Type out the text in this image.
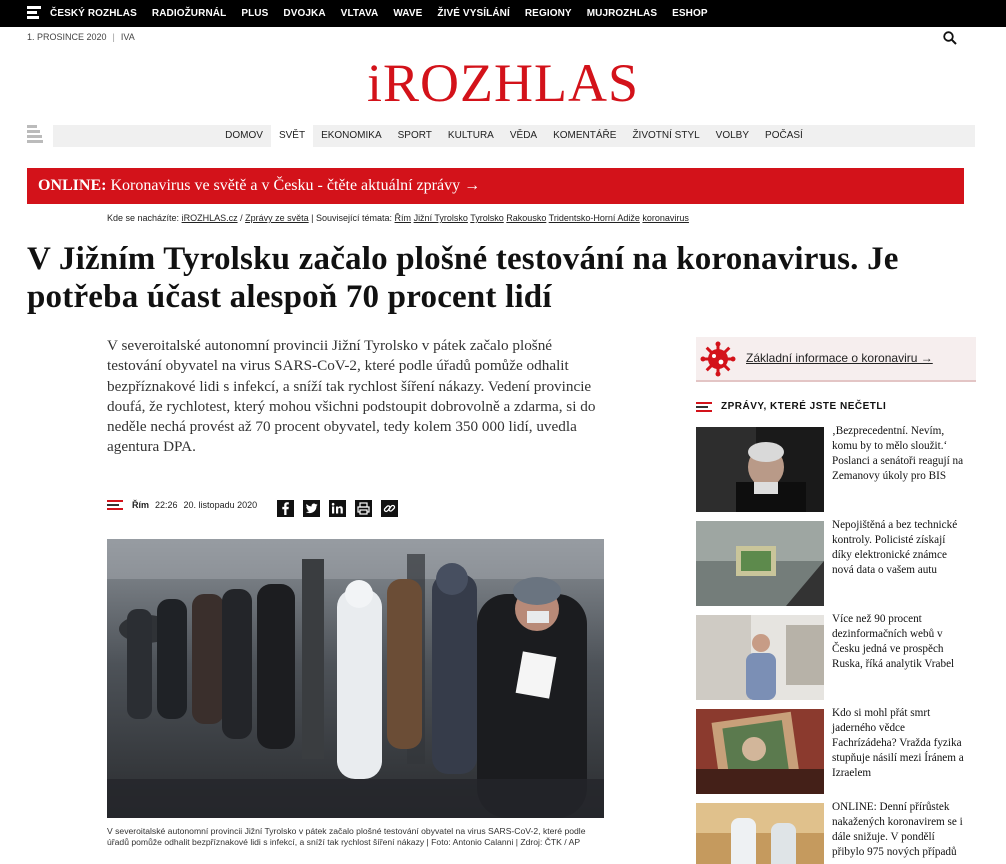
ČESKÝ ROZHLAS RADIOŽURNÁL PLUS DVOJKA VLTAVA WAVE ŽIVÉ VYSÍLÁNÍ REGIONY MUJROZHLAS ESHOP
1. PROSINCE 2020 | IVA
iROZHLAS
DOMOV	SVĚT	EKONOMIKA	SPORT	KULTURA	VĚDA	KOMENTÁŘE	ŽIVOTNÍ STYL	VOLBY	POČASÍ
ONLINE: Koronavirus ve světě a v Česku - čtěte aktuální zprávy →
Kde se nacházíte: iROZHLAS.cz / Zprávy ze světa | Související témata: Řím Jižní Tyrolsko Tyrolsko Rakousko Tridentsko-Horní Adiže koronavirus
V Jižním Tyrolsku začalo plošné testování na koronavirus. Je potřeba účast alespoň 70 procent lidí

V severoitalské autonomní provincii Jižní Tyrolsko v pátek začalo plošné testování obyvatel na virus SARS-CoV-2, které podle úřadů pomůže odhalit bezpříznakové lidi s infekcí, a sníží tak rychlost šíření nákazy. Vedení provincie doufá, že rychlotest, který mohou všichni podstoupit dobrovolně a zdarma, si do neděle nechá provést až 70 procent obyvatel, tedy kolem 350 000 lidí, uvedla agentura DPA.

Řím 22:26 20. listopadu 2020
V severoitalské autonomní provincii Jižní Tyrolsko v pátek začalo plošné testování obyvatel na virus SARS-CoV-2, které podle úřadů pomůže odhalit bezpříznakové lidi s infekcí, a sníží tak rychlost šíření nákazy | Foto: Antonio Calanni | Zdroj: ČTK / AP
Základní informace o koronaviru →
ZPRÁVY, KTERÉ JSTE NEČETLI
‚Bezprecedentní. Nevím, komu by to mělo sloužit.‘ Poslanci a senátoři reagují na Zemanovy úkoly pro BIS
Nepojištěná a bez technické kontroly. Policisté získají díky elektronické známce nová data o vašem autu
Více než 90 procent dezinformačních webů v Česku jedná ve prospěch Ruska, říká analytik Vrabel
Kdo si mohl přát smrt jaderného vědce Fachrízádeha? Vražda fyzika stupňuje násilí mezi Íránem a Izraelem
ONLINE: Denní přírůstek nakažených koronavirem se i dále snižuje. V pondělí přibylo 975 nových případů
